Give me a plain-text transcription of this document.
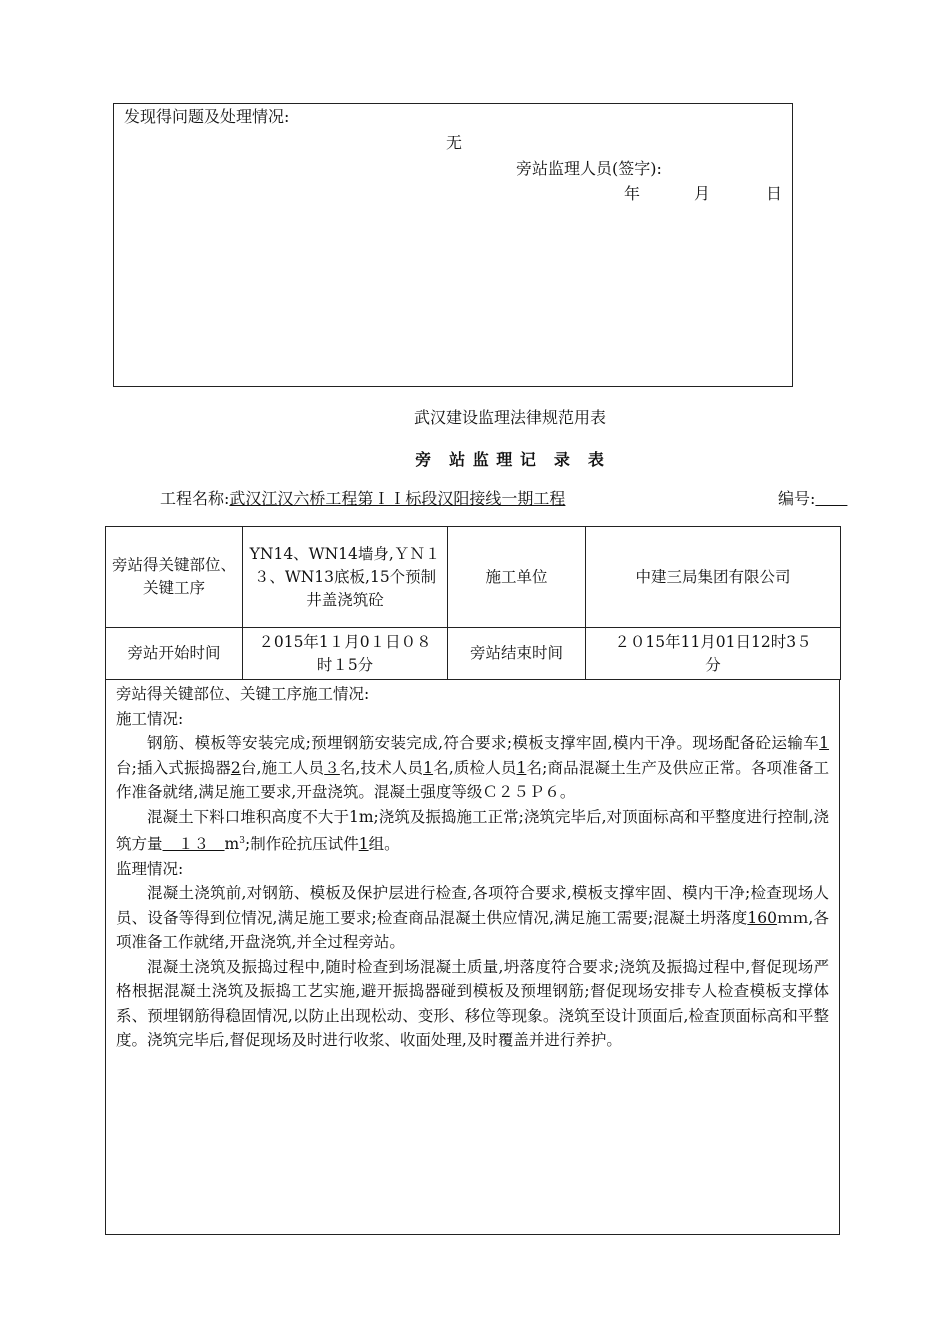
发现得问题及处理情况:
无
旁站监理人员(签字):
年	月	日
武汉建设监理法律规范用表
旁　站 监 理 记　录　表
工程名称:武汉江汉六桥工程第ＩＩ标段汉阳接线一期工程	编号:　　
旁站得关键部位、关键工序	YN14、WN14墙身,ＹＮ１３、WN13底板,15个预制井盖浇筑砼	施工单位	中建三局集团有限公司
旁站开始时间	２015年1１月0１日０８ 时１5分	旁站结束时间	２０15年11月01日12时3５分

旁站得关键部位、关键工序施工情况:

施工情况:

钢筋、模板等安装完成;预埋钢筋安装完成,符合要求;模板支撑牢固,模内干净。现场配备砼运输车1台;插入式振捣器2台,施工人员３名,技术人员1名,质检人员1名;商品混凝土生产及供应正常。各项准备工作准备就绪,满足施工要求,开盘浇筑。混凝土强度等级Ｃ２５Ｐ６。

混凝土下料口堆积高度不大于1m;浇筑及振捣施工正常;浇筑完毕后,对顶面标高和平整度进行控制,浇筑方量　１３　$m^3$;制作砼抗压试件1组。

监理情况:

混凝土浇筑前,对钢筋、模板及保护层进行检查,各项符合要求,模板支撑牢固、模内干净;检查现场人员、设备等得到位情况,满足施工要求;检查商品混凝土供应情况,满足施工需要;混凝土坍落度160ｍｍ,各项准备工作就绪,开盘浇筑,并全过程旁站。

混凝土浇筑及振捣过程中,随时检查到场混凝土质量,坍落度符合要求;浇筑及振捣过程中,督促现场严格根据混凝土浇筑及振捣工艺实施,避开振捣器碰到模板及预埋钢筋;督促现场安排专人检查模板支撑体系、预埋钢筋得稳固情况,以防止出现松动、变形、移位等现象。浇筑至设计顶面后,检查顶面标高和平整度。浇筑完毕后,督促现场及时进行收浆、收面处理,及时覆盖并进行养护。
